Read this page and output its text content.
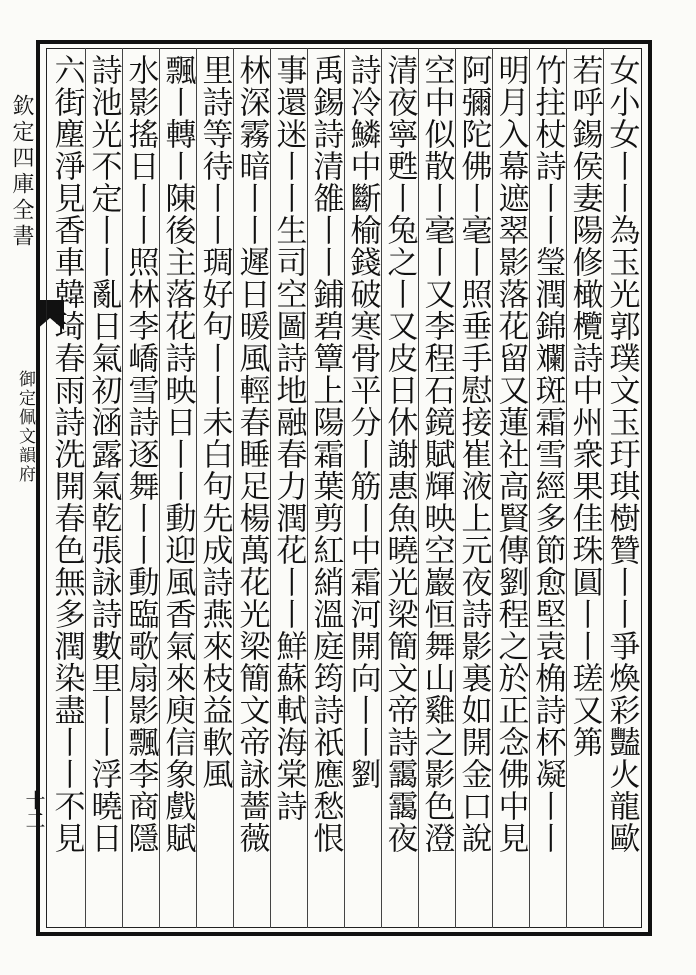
欽定四庫全書
御定佩文韻府
十二	女小女丨丨為玉光郭璞文玉玗琪樹贊丨丨爭煥彩豔火龍歐
若呼錫侯妻陽修橄欖詩中州衆果佳珠圓丨丨瑳又笰
竹拄杖詩丨丨瑩潤錦斕斑霜雪經多節愈堅袁桷詩杯凝丨丨
明月入幕遮翠影落花留又蓮社高賢傳劉程之於正念佛中見
阿彌陀佛丨毫丨照垂手慰接崔液上元夜詩影裏如開金口說
空中似散丨毫丨又李程石鏡賦輝映空巖恒舞山雞之影色澄
清夜寧甦丨兔之丨又皮日休謝惠魚曉光梁簡文帝詩靄靄夜
詩冷鱗中斷榆錢破寒骨平分丨筋丨中霜河開向丨丨劉
禹錫詩清雒丨丨鋪碧簟上陽霜葉剪紅綃溫庭筠詩祇應愁恨
事還迷丨丨生司空圖詩地融春力潤花丨丨鮮蘇軾海棠詩
林深霧暗丨丨遲日暖風輕春睡足楊萬花光梁簡文帝詠薔薇
里詩等待丨丨琱好句丨丨未白句先成詩燕來枝益軟風
飄丨轉丨陳後主落花詩映日丨丨動迎風香氣來庾信象戲賦
水影搖日丨丨照林李嶠雪詩逐舞丨丨動臨歌扇影飄李商隱
詩池光不定丨丨亂日氣初涵露氣乾張詠詩數里丨丨浮曉日
六街塵淨見香車韓琦春雨詩洗開春色無多潤染盡丨丨不見
